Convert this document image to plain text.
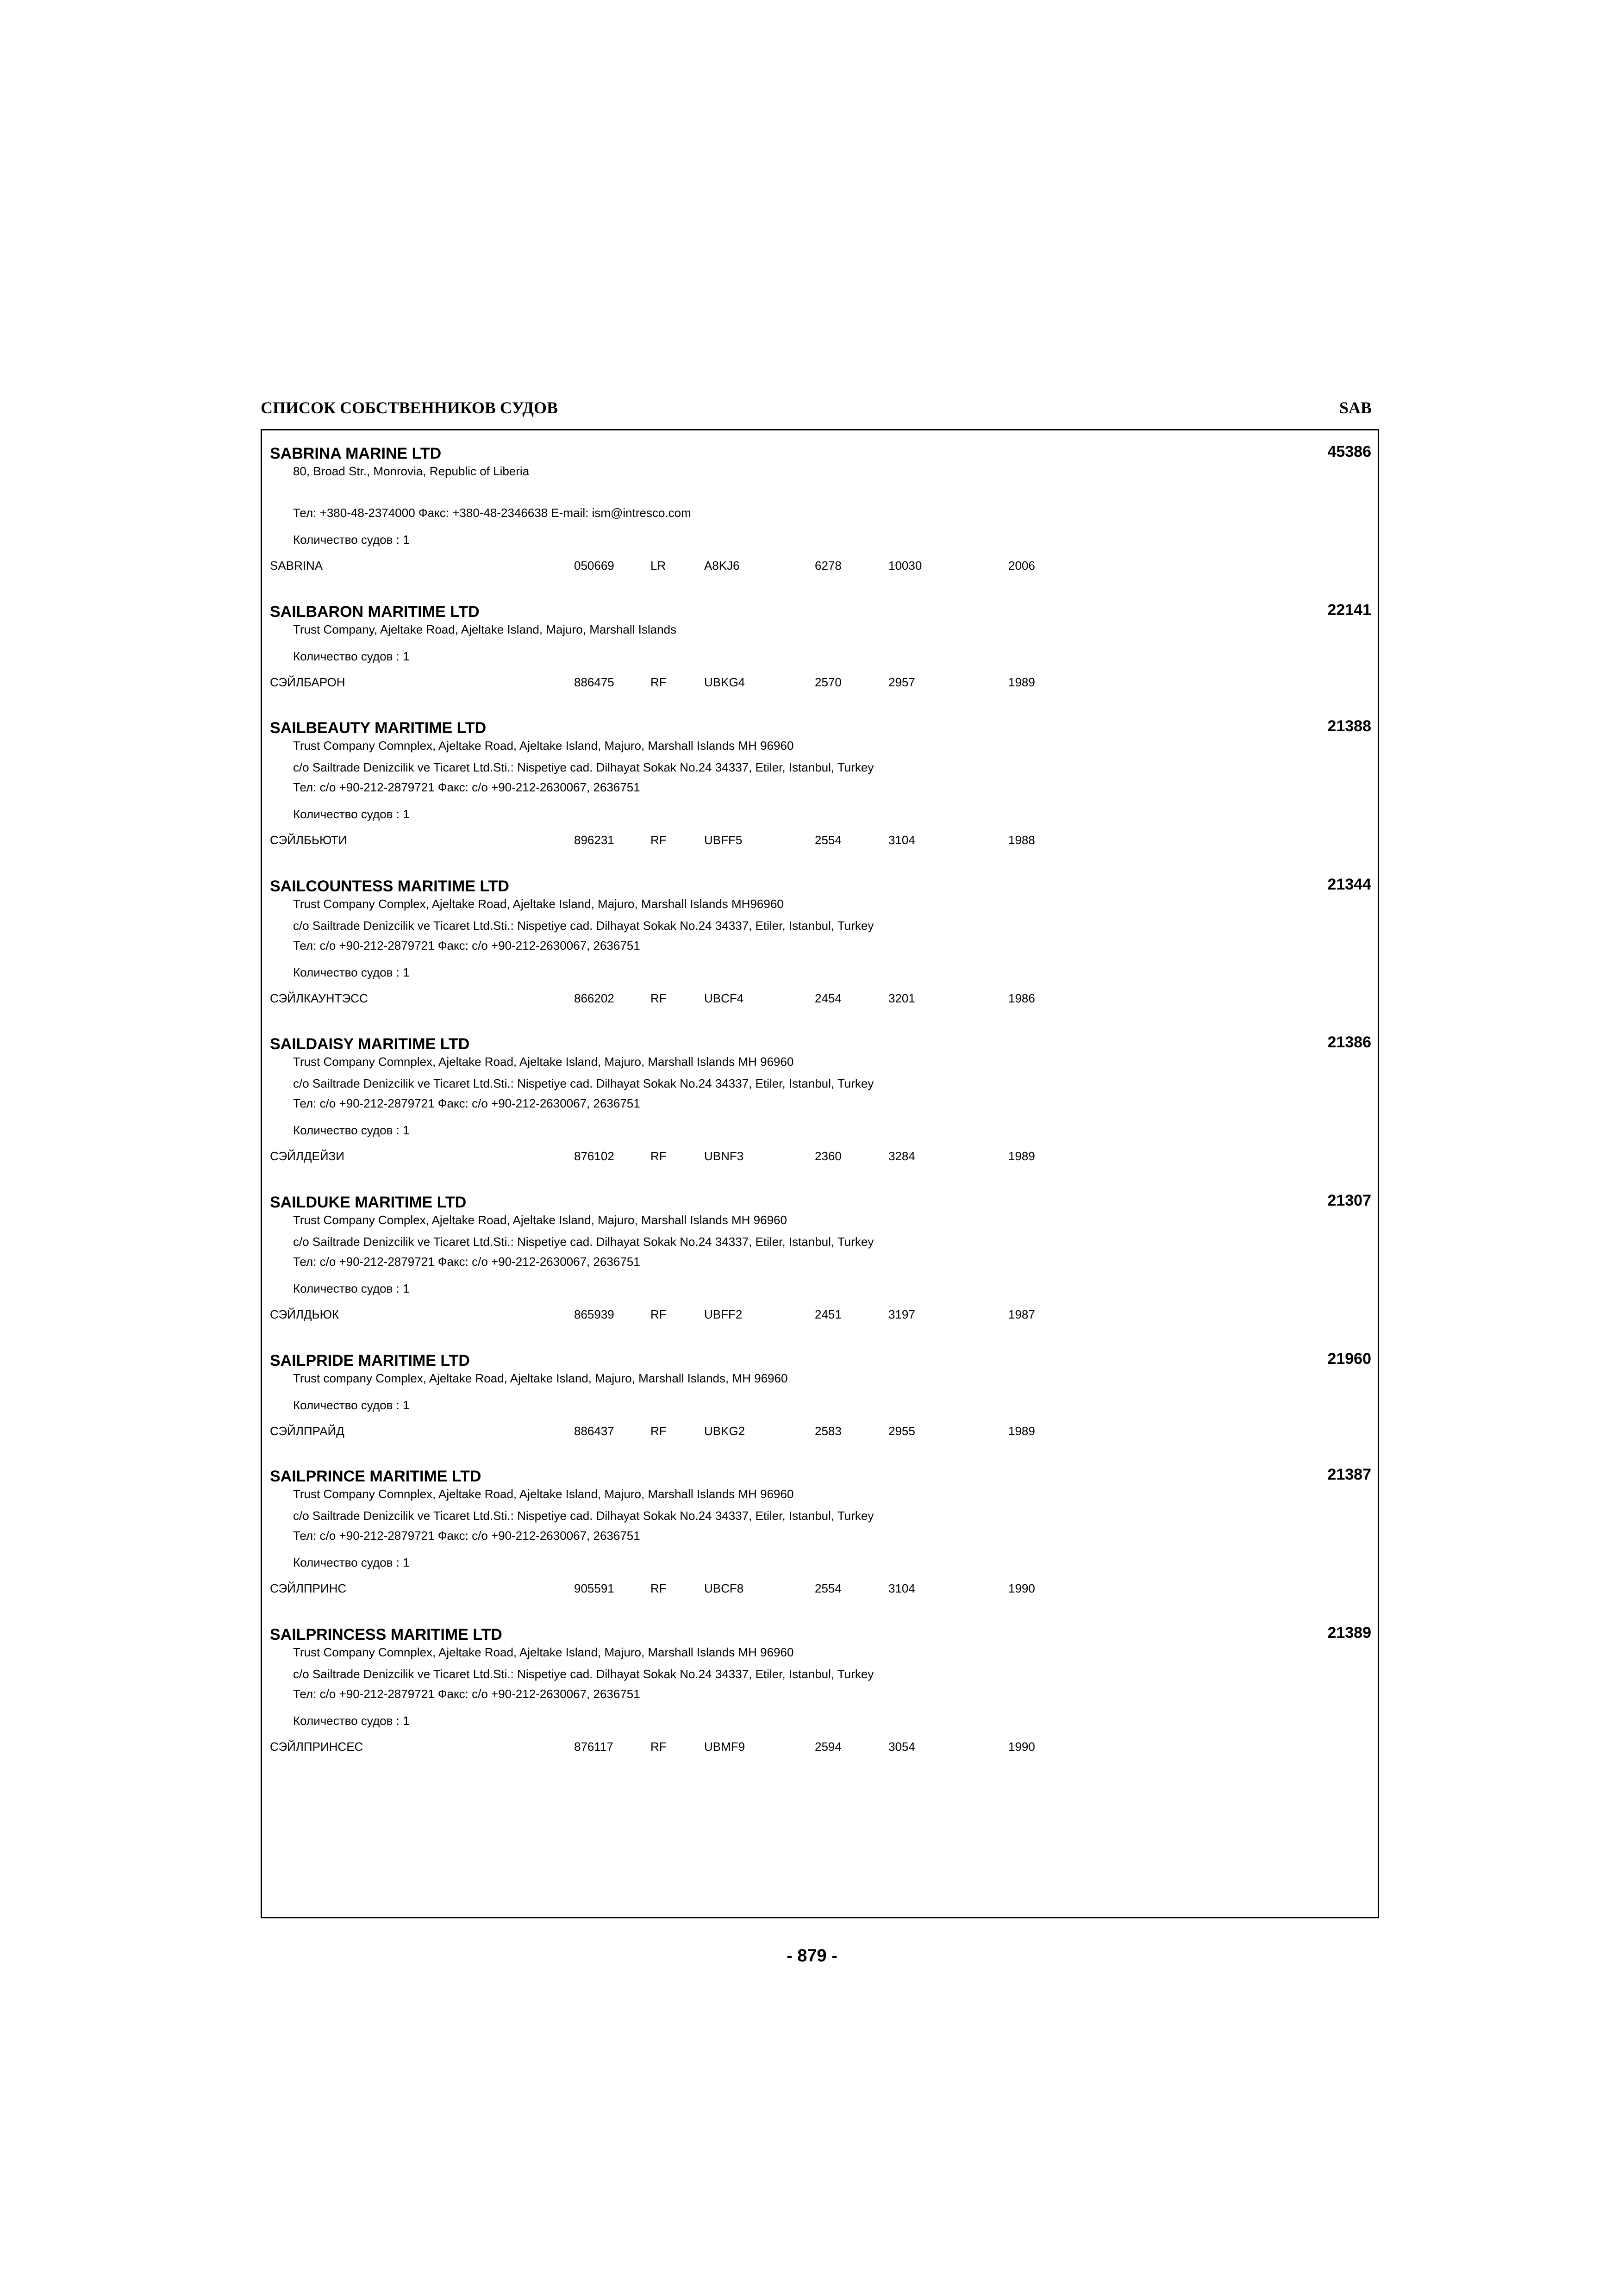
СПИСОК СОБСТВЕННИКОВ СУДОВ	SAB
SABRINA MARINE LTD	45386
80, Broad Str., Monrovia, Republic of Liberia
Тел: +380-48-2374000 Факс: +380-48-2346638 E-mail: ism@intresco.com
Количество судов : 1
SABRINA	050669	LR	A8KJ6	6278	10030	2006
SAILBARON MARITIME LTD	22141
Trust Company, Ajeltake Road, Ajeltake Island, Majuro, Marshall Islands
Количество судов : 1
СЭЙЛБАРОН	886475	RF	UBKG4	2570	2957	1989
SAILBEAUTY MARITIME LTD	21388
Trust Company Comnplex, Ajeltake Road, Ajeltake Island, Majuro, Marshall Islands MH 96960
c/o Sailtrade Denizcilik ve Ticaret Ltd.Sti.: Nispetiye cad. Dilhayat Sokak No.24 34337, Etiler, Istanbul, Turkey
Тел: c/o +90-212-2879721 Факс: c/o +90-212-2630067, 2636751
Количество судов : 1
СЭЙЛБЬЮТИ	896231	RF	UBFF5	2554	3104	1988
SAILCOUNTESS MARITIME LTD	21344
Trust Company Complex, Ajeltake Road, Ajeltake Island, Majuro, Marshall Islands MH96960
c/o Sailtrade Denizcilik ve Ticaret Ltd.Sti.: Nispetiye cad. Dilhayat Sokak No.24 34337, Etiler, Istanbul, Turkey
Тел: c/o +90-212-2879721 Факс: c/o +90-212-2630067, 2636751
Количество судов : 1
СЭЙЛКАУНТЭСС	866202	RF	UBCF4	2454	3201	1986
SAILDAISY MARITIME LTD	21386
Trust Company Comnplex, Ajeltake Road, Ajeltake Island, Majuro, Marshall Islands MH 96960
c/o Sailtrade Denizcilik ve Ticaret Ltd.Sti.: Nispetiye cad. Dilhayat Sokak No.24 34337, Etiler, Istanbul, Turkey
Тел: c/o +90-212-2879721 Факс: c/o +90-212-2630067, 2636751
Количество судов : 1
СЭЙЛДЕЙЗИ	876102	RF	UBNF3	2360	3284	1989
SAILDUKE MARITIME LTD	21307
Trust Company Complex, Ajeltake Road, Ajeltake Island, Majuro, Marshall Islands MH 96960
c/o Sailtrade Denizcilik ve Ticaret Ltd.Sti.: Nispetiye cad. Dilhayat Sokak No.24 34337, Etiler, Istanbul, Turkey
Тел: c/o +90-212-2879721 Факс: c/o +90-212-2630067, 2636751
Количество судов : 1
СЭЙЛДЬЮК	865939	RF	UBFF2	2451	3197	1987
SAILPRIDE MARITIME LTD	21960
Trust company Complex, Ajeltake Road, Ajeltake Island, Majuro, Marshall Islands, MH 96960
Количество судов : 1
СЭЙЛПРАЙД	886437	RF	UBKG2	2583	2955	1989
SAILPRINCE MARITIME LTD	21387
Trust Company Comnplex, Ajeltake Road, Ajeltake Island, Majuro, Marshall Islands MH 96960
c/o Sailtrade Denizcilik ve Ticaret Ltd.Sti.: Nispetiye cad. Dilhayat Sokak No.24 34337, Etiler, Istanbul, Turkey
Тел: c/o +90-212-2879721 Факс: c/o +90-212-2630067, 2636751
Количество судов : 1
СЭЙЛПРИНС	905591	RF	UBCF8	2554	3104	1990
SAILPRINCESS MARITIME LTD	21389
Trust Company Comnplex, Ajeltake Road, Ajeltake Island, Majuro, Marshall Islands MH 96960
c/o Sailtrade Denizcilik ve Ticaret Ltd.Sti.: Nispetiye cad. Dilhayat Sokak No.24 34337, Etiler, Istanbul, Turkey
Тел: c/o +90-212-2879721 Факс: c/o +90-212-2630067, 2636751
Количество судов : 1
СЭЙЛПРИНСЕС	876117	RF	UBMF9	2594	3054	1990
- 879 -
